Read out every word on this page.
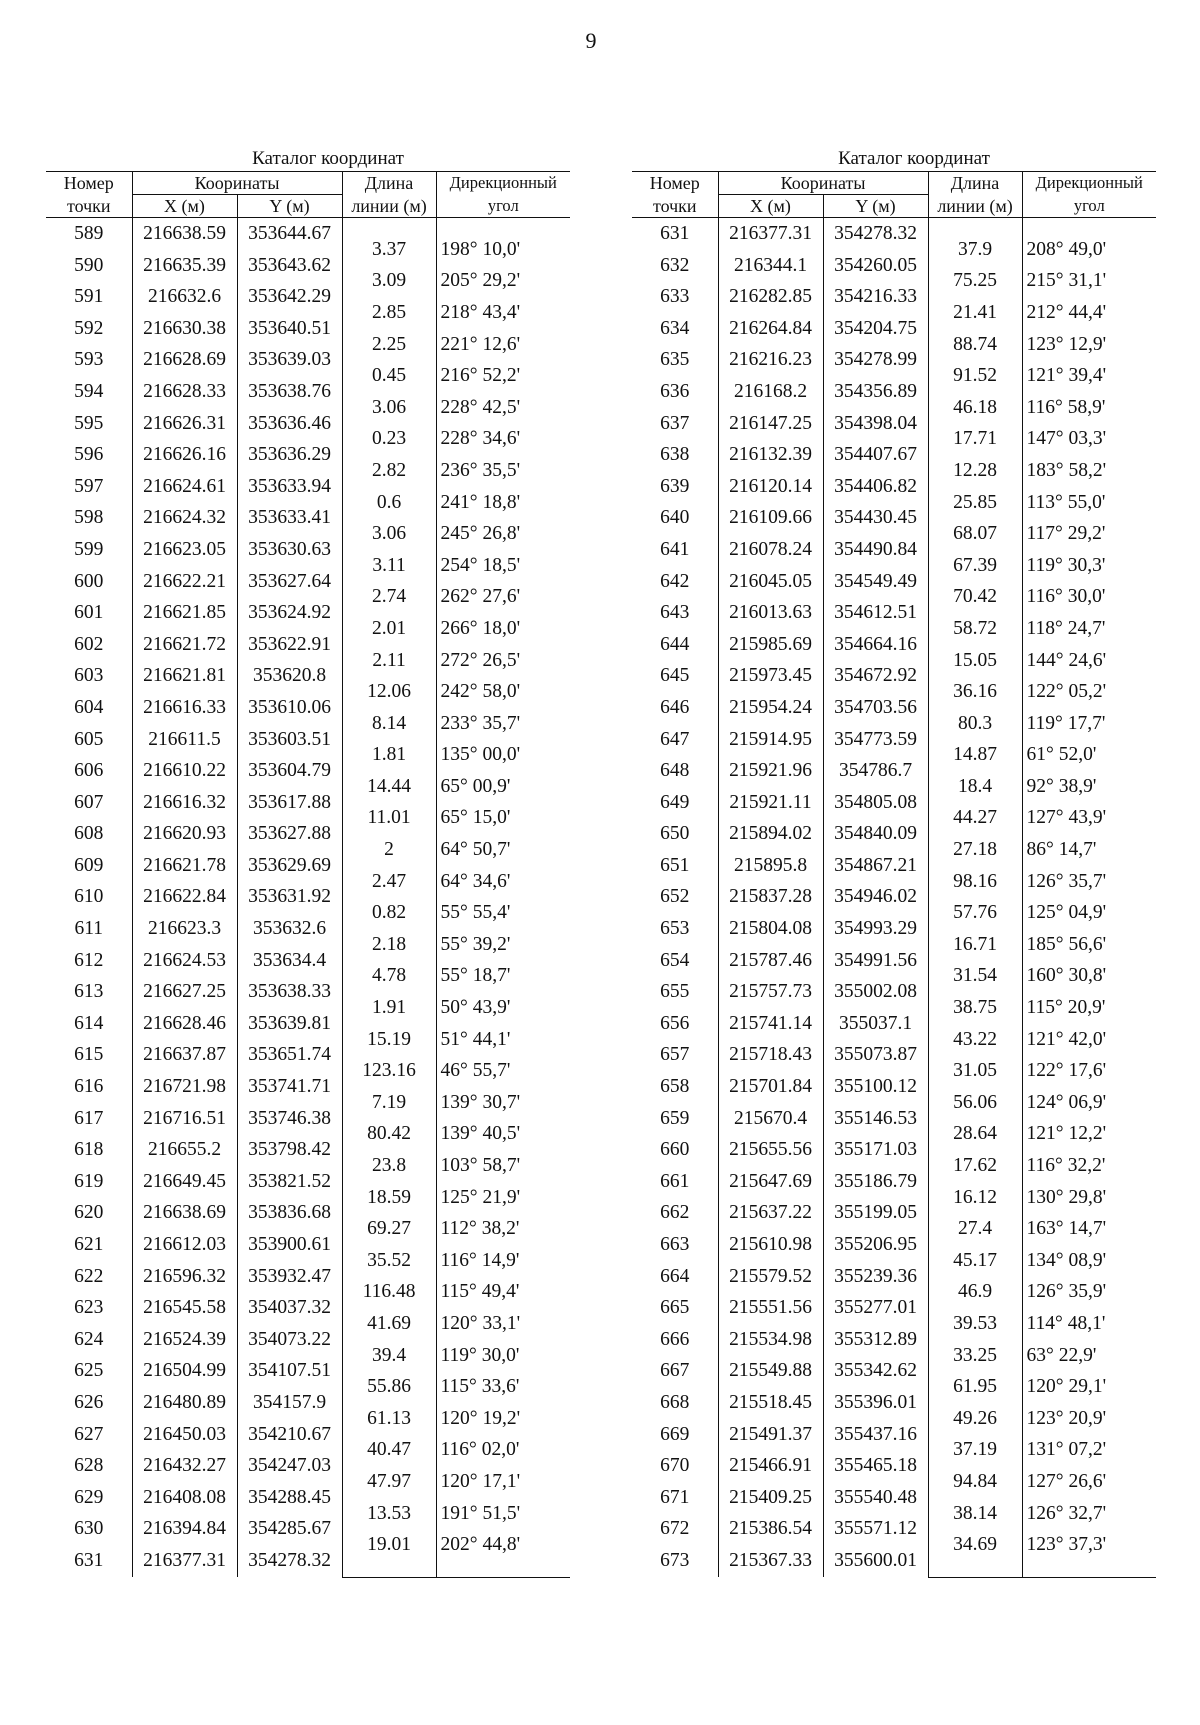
9
Каталог координат
Номер	Кооринаты		Длина	Дирекционный
точки	X (м)	Y (м)	линии (м)	угол
589	216638.59	353644.67		
			3.37	198° 10,0'
590	216635.39	353643.62		
			3.09	205° 29,2'
591	216632.6	353642.29		
			2.85	218° 43,4'
592	216630.38	353640.51		
			2.25	221° 12,6'
593	216628.69	353639.03		
			0.45	216° 52,2'
594	216628.33	353638.76		
			3.06	228° 42,5'
595	216626.31	353636.46		
			0.23	228° 34,6'
596	216626.16	353636.29		
			2.82	236° 35,5'
597	216624.61	353633.94		
			0.6	241° 18,8'
598	216624.32	353633.41		
			3.06	245° 26,8'
599	216623.05	353630.63		
			3.11	254° 18,5'
600	216622.21	353627.64		
			2.74	262° 27,6'
601	216621.85	353624.92		
			2.01	266° 18,0'
602	216621.72	353622.91		
			2.11	272° 26,5'
603	216621.81	353620.8		
			12.06	242° 58,0'
604	216616.33	353610.06		
			8.14	233° 35,7'
605	216611.5	353603.51		
			1.81	135° 00,0'
606	216610.22	353604.79		
			14.44	65° 00,9'
607	216616.32	353617.88		
			11.01	65° 15,0'
608	216620.93	353627.88		
			2	64° 50,7'
609	216621.78	353629.69		
			2.47	64° 34,6'
610	216622.84	353631.92		
			0.82	55° 55,4'
611	216623.3	353632.6		
			2.18	55° 39,2'
612	216624.53	353634.4		
			4.78	55° 18,7'
613	216627.25	353638.33		
			1.91	50° 43,9'
614	216628.46	353639.81		
			15.19	51° 44,1'
615	216637.87	353651.74		
			123.16	46° 55,7'
616	216721.98	353741.71		
			7.19	139° 30,7'
617	216716.51	353746.38		
			80.42	139° 40,5'
618	216655.2	353798.42		
			23.8	103° 58,7'
619	216649.45	353821.52		
			18.59	125° 21,9'
620	216638.69	353836.68		
			69.27	112° 38,2'
621	216612.03	353900.61		
			35.52	116° 14,9'
622	216596.32	353932.47		
			116.48	115° 49,4'
623	216545.58	354037.32		
			41.69	120° 33,1'
624	216524.39	354073.22		
			39.4	119° 30,0'
625	216504.99	354107.51		
			55.86	115° 33,6'
626	216480.89	354157.9		
			61.13	120° 19,2'
627	216450.03	354210.67		
			40.47	116° 02,0'
628	216432.27	354247.03		
			47.97	120° 17,1'
629	216408.08	354288.45		
			13.53	191° 51,5'
630	216394.84	354285.67		
			19.01	202° 44,8'
631	216377.31	354278.32		

Каталог координат
Номер	Кооринаты		Длина	Дирекционный
точки	X (м)	Y (м)	линии (м)	угол
631	216377.31	354278.32		
			37.9	208° 49,0'
632	216344.1	354260.05		
			75.25	215° 31,1'
633	216282.85	354216.33		
			21.41	212° 44,4'
634	216264.84	354204.75		
			88.74	123° 12,9'
635	216216.23	354278.99		
			91.52	121° 39,4'
636	216168.2	354356.89		
			46.18	116° 58,9'
637	216147.25	354398.04		
			17.71	147° 03,3'
638	216132.39	354407.67		
			12.28	183° 58,2'
639	216120.14	354406.82		
			25.85	113° 55,0'
640	216109.66	354430.45		
			68.07	117° 29,2'
641	216078.24	354490.84		
			67.39	119° 30,3'
642	216045.05	354549.49		
			70.42	116° 30,0'
643	216013.63	354612.51		
			58.72	118° 24,7'
644	215985.69	354664.16		
			15.05	144° 24,6'
645	215973.45	354672.92		
			36.16	122° 05,2'
646	215954.24	354703.56		
			80.3	119° 17,7'
647	215914.95	354773.59		
			14.87	61° 52,0'
648	215921.96	354786.7		
			18.4	92° 38,9'
649	215921.11	354805.08		
			44.27	127° 43,9'
650	215894.02	354840.09		
			27.18	86° 14,7'
651	215895.8	354867.21		
			98.16	126° 35,7'
652	215837.28	354946.02		
			57.76	125° 04,9'
653	215804.08	354993.29		
			16.71	185° 56,6'
654	215787.46	354991.56		
			31.54	160° 30,8'
655	215757.73	355002.08		
			38.75	115° 20,9'
656	215741.14	355037.1		
			43.22	121° 42,0'
657	215718.43	355073.87		
			31.05	122° 17,6'
658	215701.84	355100.12		
			56.06	124° 06,9'
659	215670.4	355146.53		
			28.64	121° 12,2'
660	215655.56	355171.03		
			17.62	116° 32,2'
661	215647.69	355186.79		
			16.12	130° 29,8'
662	215637.22	355199.05		
			27.4	163° 14,7'
663	215610.98	355206.95		
			45.17	134° 08,9'
664	215579.52	355239.36		
			46.9	126° 35,9'
665	215551.56	355277.01		
			39.53	114° 48,1'
666	215534.98	355312.89		
			33.25	63° 22,9'
667	215549.88	355342.62		
			61.95	120° 29,1'
668	215518.45	355396.01		
			49.26	123° 20,9'
669	215491.37	355437.16		
			37.19	131° 07,2'
670	215466.91	355465.18		
			94.84	127° 26,6'
671	215409.25	355540.48		
			38.14	126° 32,7'
672	215386.54	355571.12		
			34.69	123° 37,3'
673	215367.33	355600.01		
